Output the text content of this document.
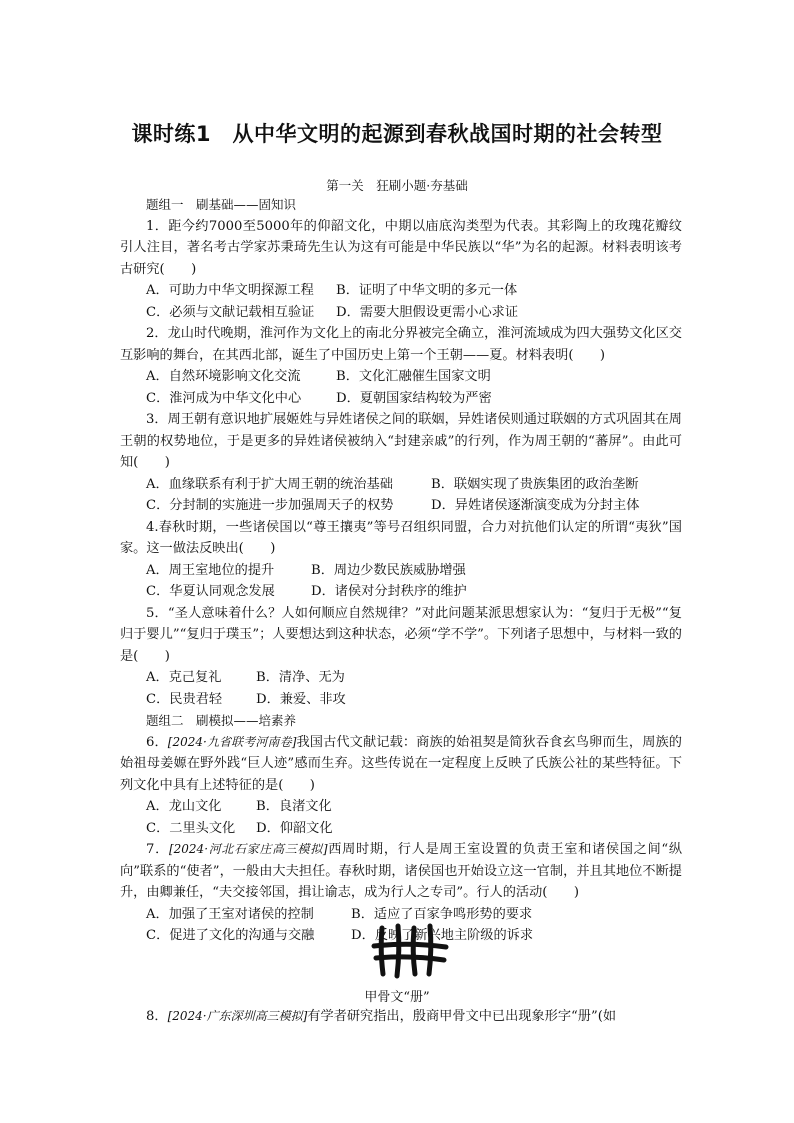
课时练1　从中华文明的起源到春秋战国时期的社会转型
第一关　狂刷小题·夯基础
题组一　刷基础——固知识

1．距今约7000至5000年的仰韶文化，中期以庙底沟类型为代表。其彩陶上的玫瑰花瓣纹引人注目，著名考古学家苏秉琦先生认为这有可能是中华民族以“华”为名的起源。材料表明该考古研究(　　)

A．可助力中华文明探源工程 B．证明了中华文明的多元一体
C．必须与文献记载相互验证 D．需要大胆假设更需小心求证

2．龙山时代晚期，淮河作为文化上的南北分界被完全确立，淮河流域成为四大强势文化区交互影响的舞台，在其西北部，诞生了中国历史上第一个王朝——夏。材料表明(　　)

A．自然环境影响文化交流	B．文化汇融催生国家文明
C．淮河成为中华文化中心	D．夏朝国家结构较为严密

3．周王朝有意识地扩展姬姓与异姓诸侯之间的联姻，异姓诸侯则通过联姻的方式巩固其在周王朝的权势地位，于是更多的异姓诸侯被纳入“封建亲戚”的行列，作为周王朝的“蕃屏”。由此可知(　　)

A．血缘联系有利于扩大周王朝的统治基础	B．联姻实现了贵族集团的政治垄断
C．分封制的实施进一步加强周天子的权势	D．异姓诸侯逐渐演变成为分封主体

4.春秋时期，一些诸侯国以“尊王攘夷”等号召组织同盟，合力对抗他们认定的所谓“夷狄”国家。这一做法反映出(　　)

A．周王室地位的提升	B．周边少数民族威胁增强
C．华夏认同观念发展	D．诸侯对分封秩序的维护

5．“圣人意味着什么？人如何顺应自然规律？”对此问题某派思想家认为：“复归于无极”“复归于婴儿”“复归于璞玉”；人要想达到这种状态，必须“学不学”。下列诸子思想中，与材料一致的是(　　)

A．克己复礼	B．清净、无为
C．民贵君轻	D．兼爱、非攻
题组二　刷模拟——培素养

6．[2024·九省联考河南卷]我国古代文献记载：商族的始祖契是简狄吞食玄鸟卵而生，周族的始祖母姜嫄在野外践“巨人迹”感而生弃。这些传说在一定程度上反映了氏族公社的某些特征。下列文化中具有上述特征的是(　　)

A．龙山文化	B．良渚文化
C．二里头文化 D．仰韶文化

7．[2024·河北石家庄高三模拟]西周时期，行人是周王室设置的负责王室和诸侯国之间“纵向”联系的“使者”，一般由大夫担任。春秋时期，诸侯国也开始设立这一官制，并且其地位不断提升，由卿兼任，“夫交接邻国，揖让谕志，成为行人之专司”。行人的活动(　　)

A．加强了王室对诸侯的控制	B．适应了百家争鸣形势的要求
C．促进了文化的沟通与交融	D．反映了新兴地主阶级的诉求
甲骨文“册”

8．[2024·广东深圳高三模拟]有学者研究指出，殷商甲骨文中已出现象形字“册”(如
